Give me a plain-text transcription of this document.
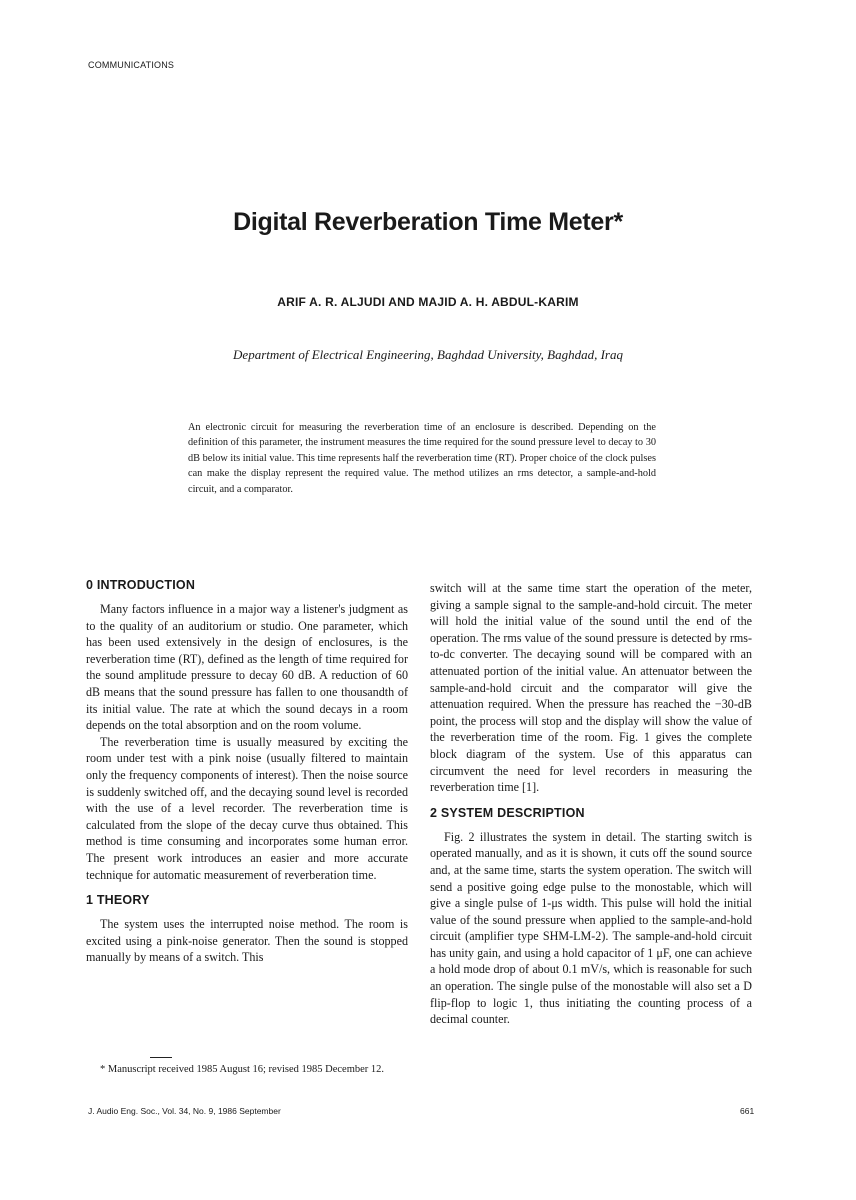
COMMUNICATIONS
Digital Reverberation Time Meter*
ARIF A. R. ALJUDI AND MAJID A. H. ABDUL-KARIM
Department of Electrical Engineering, Baghdad University, Baghdad, Iraq
An electronic circuit for measuring the reverberation time of an enclosure is described. Depending on the definition of this parameter, the instrument measures the time required for the sound pressure level to decay to 30 dB below its initial value. This time represents half the reverberation time (RT). Proper choice of the clock pulses can make the display represent the required value. The method utilizes an rms detector, a sample-and-hold circuit, and a comparator.
0 INTRODUCTION

Many factors influence in a major way a listener's judgment as to the quality of an auditorium or studio. One parameter, which has been used extensively in the design of enclosures, is the reverberation time (RT), defined as the length of time required for the sound amplitude pressure to decay 60 dB. A reduction of 60 dB means that the sound pressure has fallen to one thousandth of its initial value. The rate at which the sound decays in a room depends on the total absorption and on the room volume.

The reverberation time is usually measured by exciting the room under test with a pink noise (usually filtered to maintain only the frequency components of interest). Then the noise source is suddenly switched off, and the decaying sound level is recorded with the use of a level recorder. The reverberation time is calculated from the slope of the decay curve thus obtained. This method is time consuming and incorporates some human error. The present work introduces an easier and more accurate technique for automatic measurement of reverberation time.

1 THEORY

The system uses the interrupted noise method. The room is excited using a pink-noise generator. Then the sound is stopped manually by means of a switch. This

switch will at the same time start the operation of the meter, giving a sample signal to the sample-and-hold circuit. The meter will hold the initial value of the sound until the end of the operation. The rms value of the sound pressure is detected by rms-to-dc converter. The decaying sound will be compared with an attenuated portion of the initial value. An attenuator between the sample-and-hold circuit and the comparator will give the attenuation required. When the pressure has reached the −30-dB point, the process will stop and the display will show the value of the reverberation time of the room. Fig. 1 gives the complete block diagram of the system. Use of this apparatus can circumvent the need for level recorders in measuring the reverberation time [1].

2 SYSTEM DESCRIPTION

Fig. 2 illustrates the system in detail. The starting switch is operated manually, and as it is shown, it cuts off the sound source and, at the same time, starts the system operation. The switch will send a positive going edge pulse to the monostable, which will give a single pulse of 1-μs width. This pulse will hold the initial value of the sound pressure when applied to the sample-and-hold circuit (amplifier type SHM-LM-2). The sample-and-hold circuit has unity gain, and using a hold capacitor of 1 μF, one can achieve a hold mode drop of about 0.1 mV/s, which is reasonable for such an operation. The single pulse of the monostable will also set a D flip-flop to logic 1, thus initiating the counting process of a decimal counter.

* Manuscript received 1985 August 16; revised 1985 December 12.
J. Audio Eng. Soc., Vol. 34, No. 9, 1986 September	661
